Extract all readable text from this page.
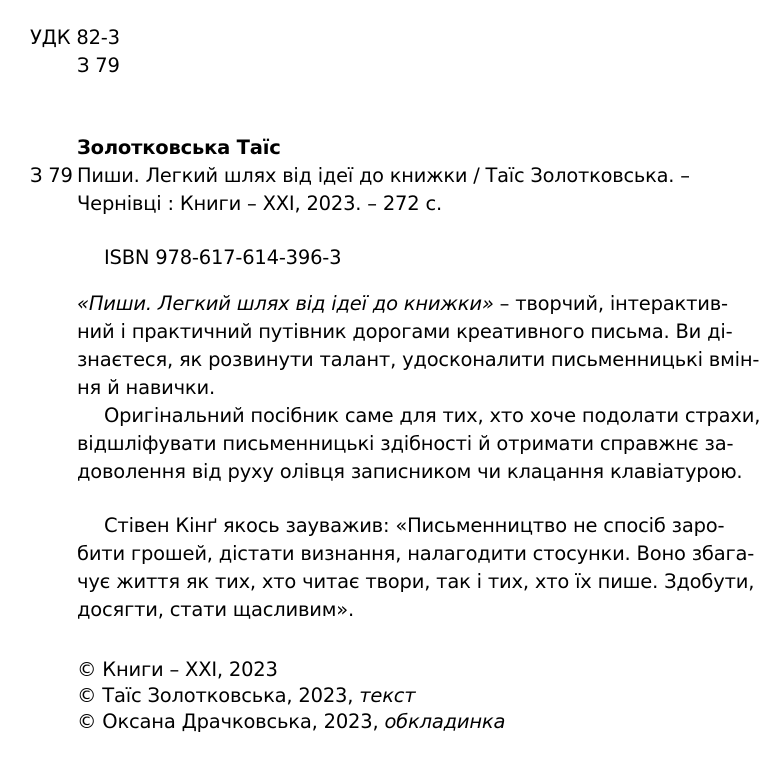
УДК 82-3
З 79
Золотковська Таїс
З 79 Пиши. Легкий шлях від ідеї до книжки / Таїс Золотковська. –
Чернівці : Книги – ХХІ, 2023. – 272 с.
ISBN 978-617-614-396-3
«Пиши. Легкий шлях від ідеї до книжки» – творчий, інтерактив-
ний і практичний путівник дорогами креативного письма. Ви ді-
знаєтеся, як розвинути талант, удосконалити письменницькі вмін-
ня й навички.
Оригінальний посібник саме для тих, хто хоче подолати страхи,
відшліфувати письменницькі здібності й отримати справжнє за-
доволення від руху олівця записником чи клацання клавіатурою.
Стівен Кінґ якось зауважив: «Письменництво не спосіб заро-
бити грошей, дістати визнання, налагодити стосунки. Воно збага-
чує життя як тих, хто читає твори, так і тих, хто їх пише. Здобути,
досягти, стати щасливим».
© Книги – ХХІ, 2023
© Таїс Золотковська, 2023, текст
© Оксана Драчковська, 2023, обкладинка
